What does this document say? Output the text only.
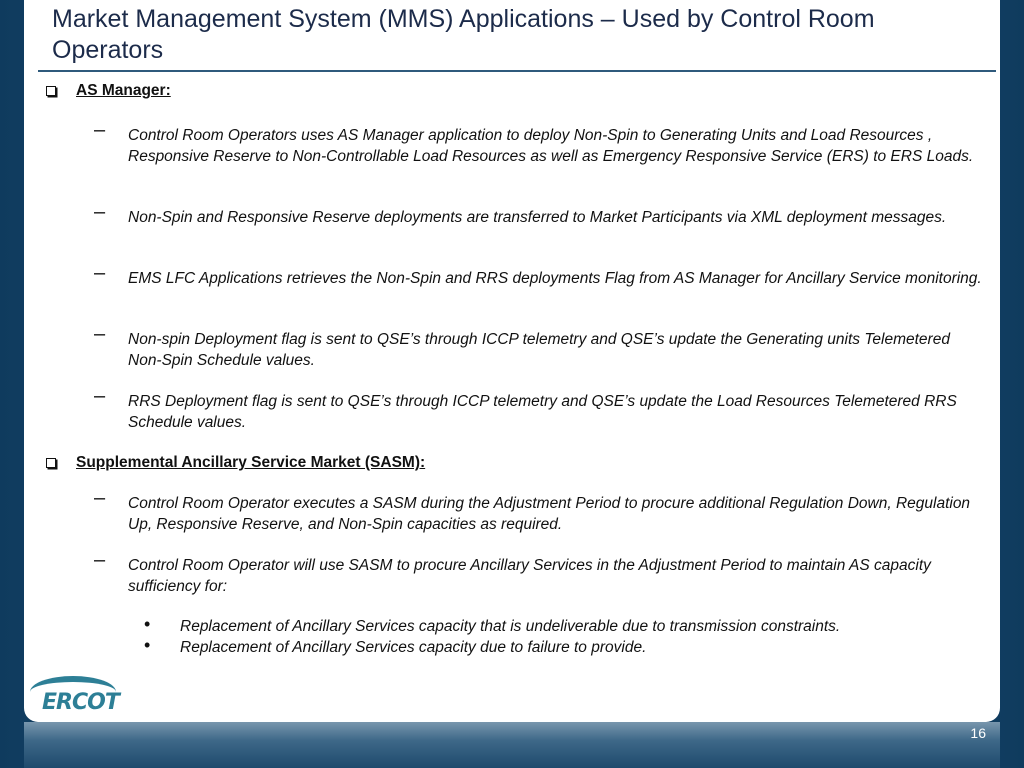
Market Management System (MMS) Applications – Used by Control Room Operators
AS Manager:
– Control Room Operators uses AS Manager application to deploy Non-Spin to Generating Units and Load Resources , Responsive Reserve to Non-Controllable Load Resources as well as Emergency Responsive Service (ERS) to ERS Loads.
– Non-Spin and Responsive Reserve deployments are transferred to Market Participants via XML deployment messages.
– EMS LFC Applications retrieves the Non-Spin and RRS deployments Flag from AS Manager for Ancillary Service monitoring.
– Non-spin Deployment flag is sent to QSE’s through ICCP telemetry and QSE’s update the Generating units Telemetered Non-Spin Schedule values.
– RRS Deployment flag is sent to QSE’s through ICCP telemetry and QSE’s update the Load Resources Telemetered RRS Schedule values.
Supplemental Ancillary Service Market (SASM):
– Control Room Operator executes a SASM during the Adjustment Period to procure additional Regulation Down, Regulation Up, Responsive Reserve, and Non-Spin capacities as required.
– Control Room Operator will use SASM to procure Ancillary Services in the Adjustment Period to maintain AS capacity sufficiency for:
• Replacement of Ancillary Services capacity that is undeliverable due to transmission constraints.
• Replacement of Ancillary Services capacity due to failure to provide.
ERCOT
16
